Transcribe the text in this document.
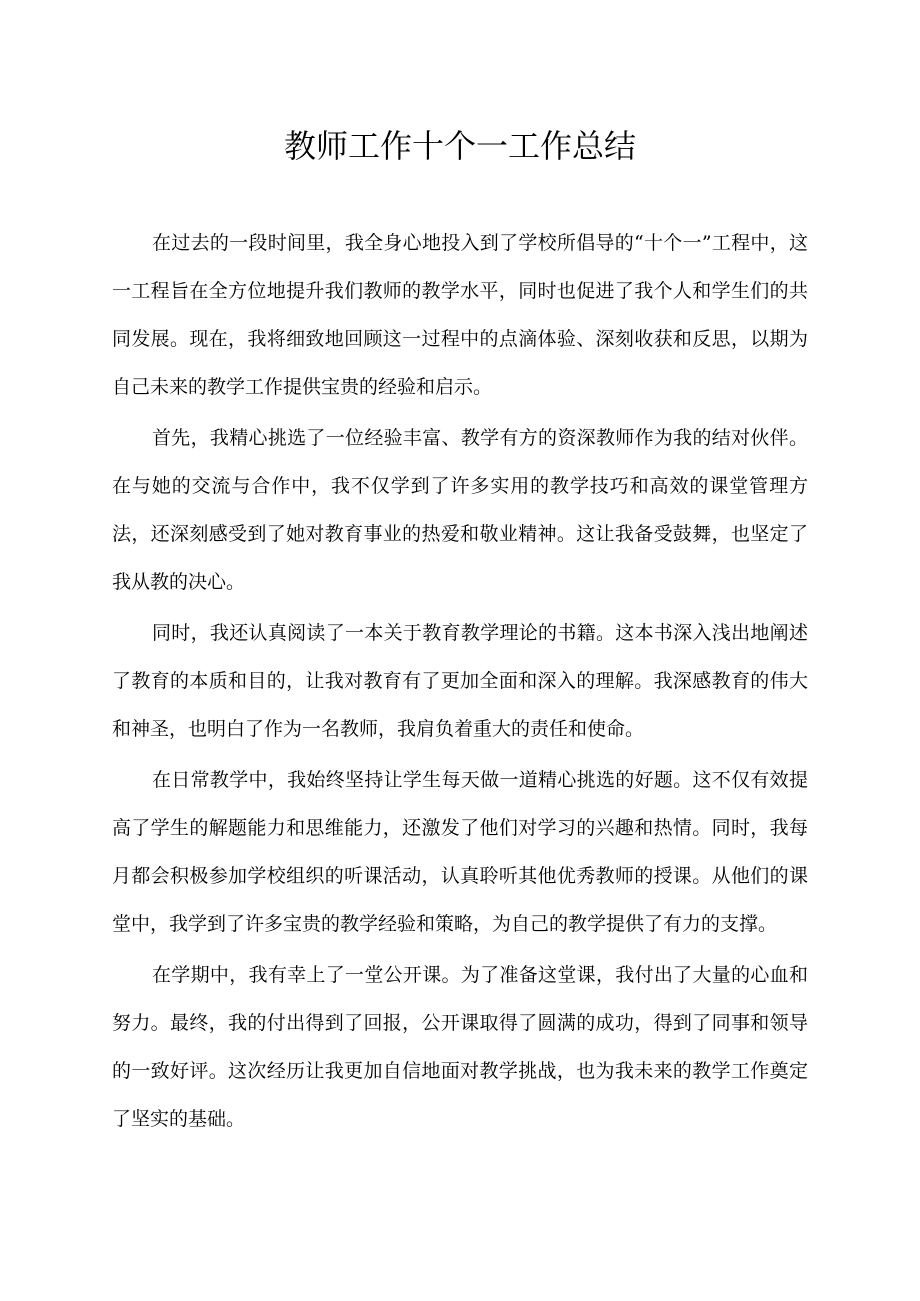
教师工作十个一工作总结

在过去的一段时间里，我全身心地投入到了学校所倡导的“十个一”工程中，这一工程旨在全方位地提升我们教师的教学水平，同时也促进了我个人和学生们的共同发展。现在，我将细致地回顾这一过程中的点滴体验、深刻收获和反思，以期为自己未来的教学工作提供宝贵的经验和启示。

首先，我精心挑选了一位经验丰富、教学有方的资深教师作为我的结对伙伴。在与她的交流与合作中，我不仅学到了许多实用的教学技巧和高效的课堂管理方法，还深刻感受到了她对教育事业的热爱和敬业精神。这让我备受鼓舞，也坚定了我从教的决心。

同时，我还认真阅读了一本关于教育教学理论的书籍。这本书深入浅出地阐述了教育的本质和目的，让我对教育有了更加全面和深入的理解。我深感教育的伟大和神圣，也明白了作为一名教师，我肩负着重大的责任和使命。

在日常教学中，我始终坚持让学生每天做一道精心挑选的好题。这不仅有效提高了学生的解题能力和思维能力，还激发了他们对学习的兴趣和热情。同时，我每月都会积极参加学校组织的听课活动，认真聆听其他优秀教师的授课。从他们的课堂中，我学到了许多宝贵的教学经验和策略，为自己的教学提供了有力的支撑。

在学期中，我有幸上了一堂公开课。为了准备这堂课，我付出了大量的心血和努力。最终，我的付出得到了回报，公开课取得了圆满的成功，得到了同事和领导的一致好评。这次经历让我更加自信地面对教学挑战，也为我未来的教学工作奠定了坚实的基础。
